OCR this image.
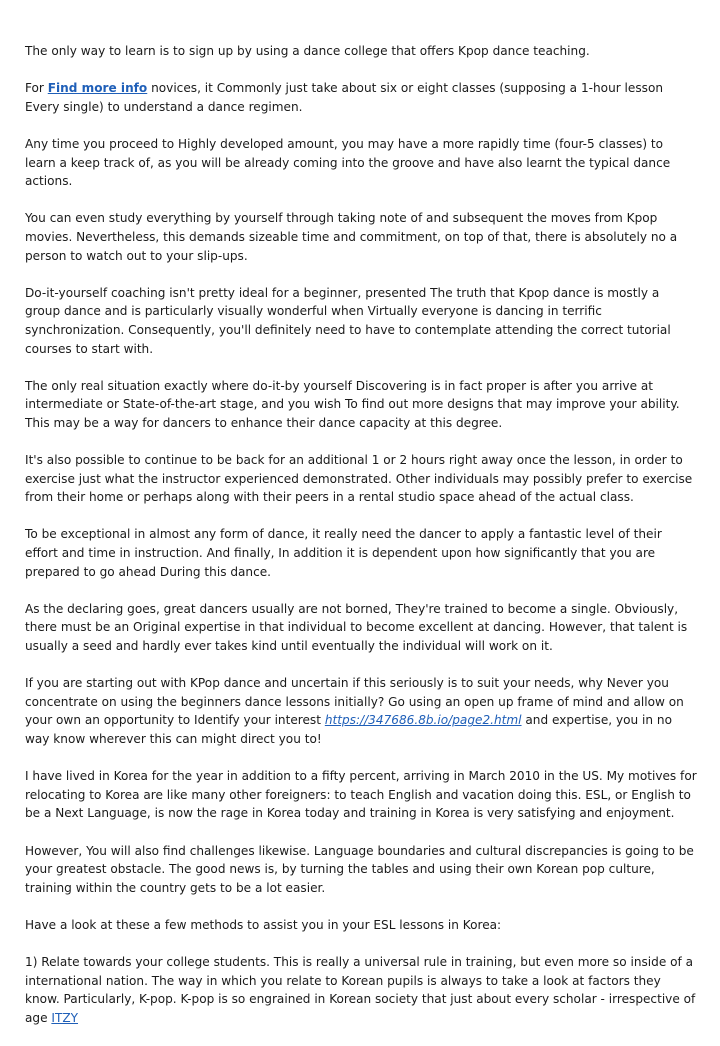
The only way to learn is to sign up by using a dance college that offers Kpop dance teaching.

For Find more info novices, it Commonly just take about six or eight classes (supposing a 1-hour lesson Every single) to understand a dance regimen.

Any time you proceed to Highly developed amount, you may have a more rapidly time (four-5 classes) to learn a keep track of, as you will be already coming into the groove and have also learnt the typical dance actions.

You can even study everything by yourself through taking note of and subsequent the moves from Kpop movies. Nevertheless, this demands sizeable time and commitment, on top of that, there is absolutely no a person to watch out to your slip-ups.

Do-it-yourself coaching isn't pretty ideal for a beginner, presented The truth that Kpop dance is mostly a group dance and is particularly visually wonderful when Virtually everyone is dancing in terrific synchronization. Consequently, you'll definitely need to have to contemplate attending the correct tutorial courses to start with.

The only real situation exactly where do-it-by yourself Discovering is in fact proper is after you arrive at intermediate or State-of-the-art stage, and you wish To find out more designs that may improve your ability. This may be a way for dancers to enhance their dance capacity at this degree.

It's also possible to continue to be back for an additional 1 or 2 hours right away once the lesson, in order to exercise just what the instructor experienced demonstrated. Other individuals may possibly prefer to exercise from their home or perhaps along with their peers in a rental studio space ahead of the actual class.

To be exceptional in almost any form of dance, it really need the dancer to apply a fantastic level of their effort and time in instruction. And finally, In addition it is dependent upon how significantly that you are prepared to go ahead During this dance.

As the declaring goes, great dancers usually are not borned, They're trained to become a single. Obviously, there must be an Original expertise in that individual to become excellent at dancing. However, that talent is usually a seed and hardly ever takes kind until eventually the individual will work on it.

If you are starting out with KPop dance and uncertain if this seriously is to suit your needs, why Never you concentrate on using the beginners dance lessons initially? Go using an open up frame of mind and allow on your own an opportunity to Identify your interest https://347686.8b.io/page2.html and expertise, you in no way know wherever this can might direct you to!

I have lived in Korea for the year in addition to a fifty percent, arriving in March 2010 in the US. My motives for relocating to Korea are like many other foreigners: to teach English and vacation doing this. ESL, or English to be a Next Language, is now the rage in Korea today and training in Korea is very satisfying and enjoyment.

However, You will also find challenges likewise. Language boundaries and cultural discrepancies is going to be your greatest obstacle. The good news is, by turning the tables and using their own Korean pop culture, training within the country gets to be a lot easier.

Have a look at these a few methods to assist you in your ESL lessons in Korea:

1) Relate towards your college students. This is really a universal rule in training, but even more so inside of a international nation. The way in which you relate to Korean pupils is always to take a look at factors they know. Particularly, K-pop. K-pop is so engrained in Korean society that just about every scholar - irrespective of age ITZY
